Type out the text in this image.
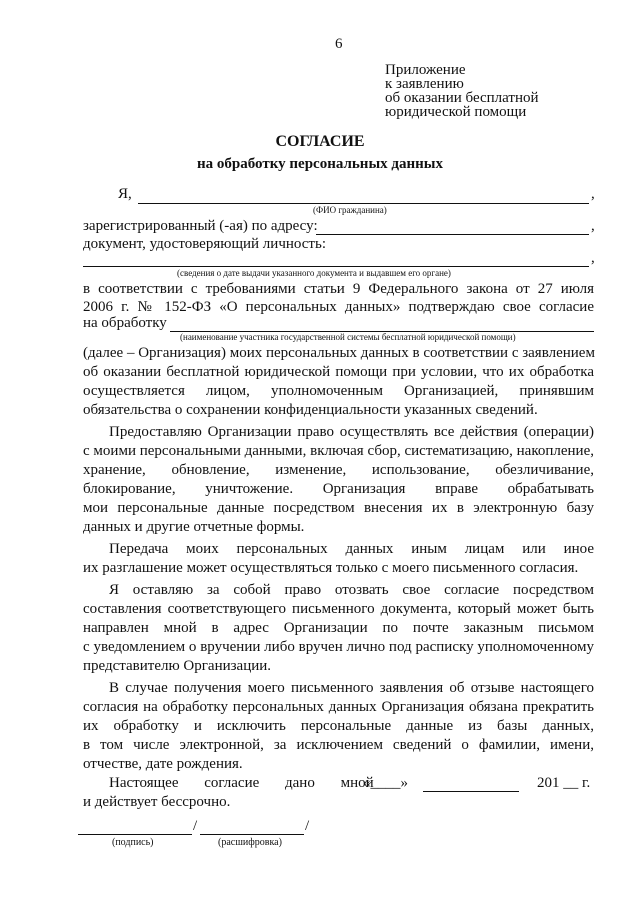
6
Приложение
к заявлению
об оказании бесплатной
юридической помощи
СОГЛАСИЕ
на обработку персональных данных
Я,	,
(ФИО гражданина)
зарегистрированный (-ая) по адресу:	,
документ, удостоверяющий личность:
,
(сведения о дате выдачи указанного документа и выдавшем его органе)
в соответствии с требованиями статьи 9 Федерального закона от 27 июля
2006 г. № 152-ФЗ «О персональных данных» подтверждаю свое согласие
на обработку
(наименование участника государственной системы бесплатной юридической помощи)
(далее – Организация) моих персональных данных в соответствии с заявлением
об оказании бесплатной юридической помощи при условии, что их обработка
осуществляется лицом, уполномоченным Организацией, принявшим
обязательства о сохранении конфиденциальности указанных сведений.
Предоставляю Организации право осуществлять все действия (операции)
с моими персональными данными, включая сбор, систематизацию, накопление,
хранение, обновление, изменение, использование, обезличивание,
блокирование, уничтожение. Организация вправе обрабатывать
мои персональные данные посредством внесения их в электронную базу
данных и другие отчетные формы.
Передача моих персональных данных иным лицам или иное
их разглашение может осуществляться только с моего письменного согласия.
Я оставляю за собой право отозвать свое согласие посредством
составления соответствующего письменного документа, который может быть
направлен мной в адрес Организации по почте заказным письмом
с уведомлением о вручении либо вручен лично под расписку уполномоченному
представителю Организации.
В случае получения моего письменного заявления об отзыве настоящего
согласия на обработку персональных данных Организация обязана прекратить
их обработку и исключить персональные данные из базы данных,
в том числе электронной, за исключением сведений о фамилии, имени,
отчестве, дате рождения.
Настоящее согласие дано мной
«____»	201 __ г.
и действует бессрочно.
/	/
(подпись)	(расшифровка)
